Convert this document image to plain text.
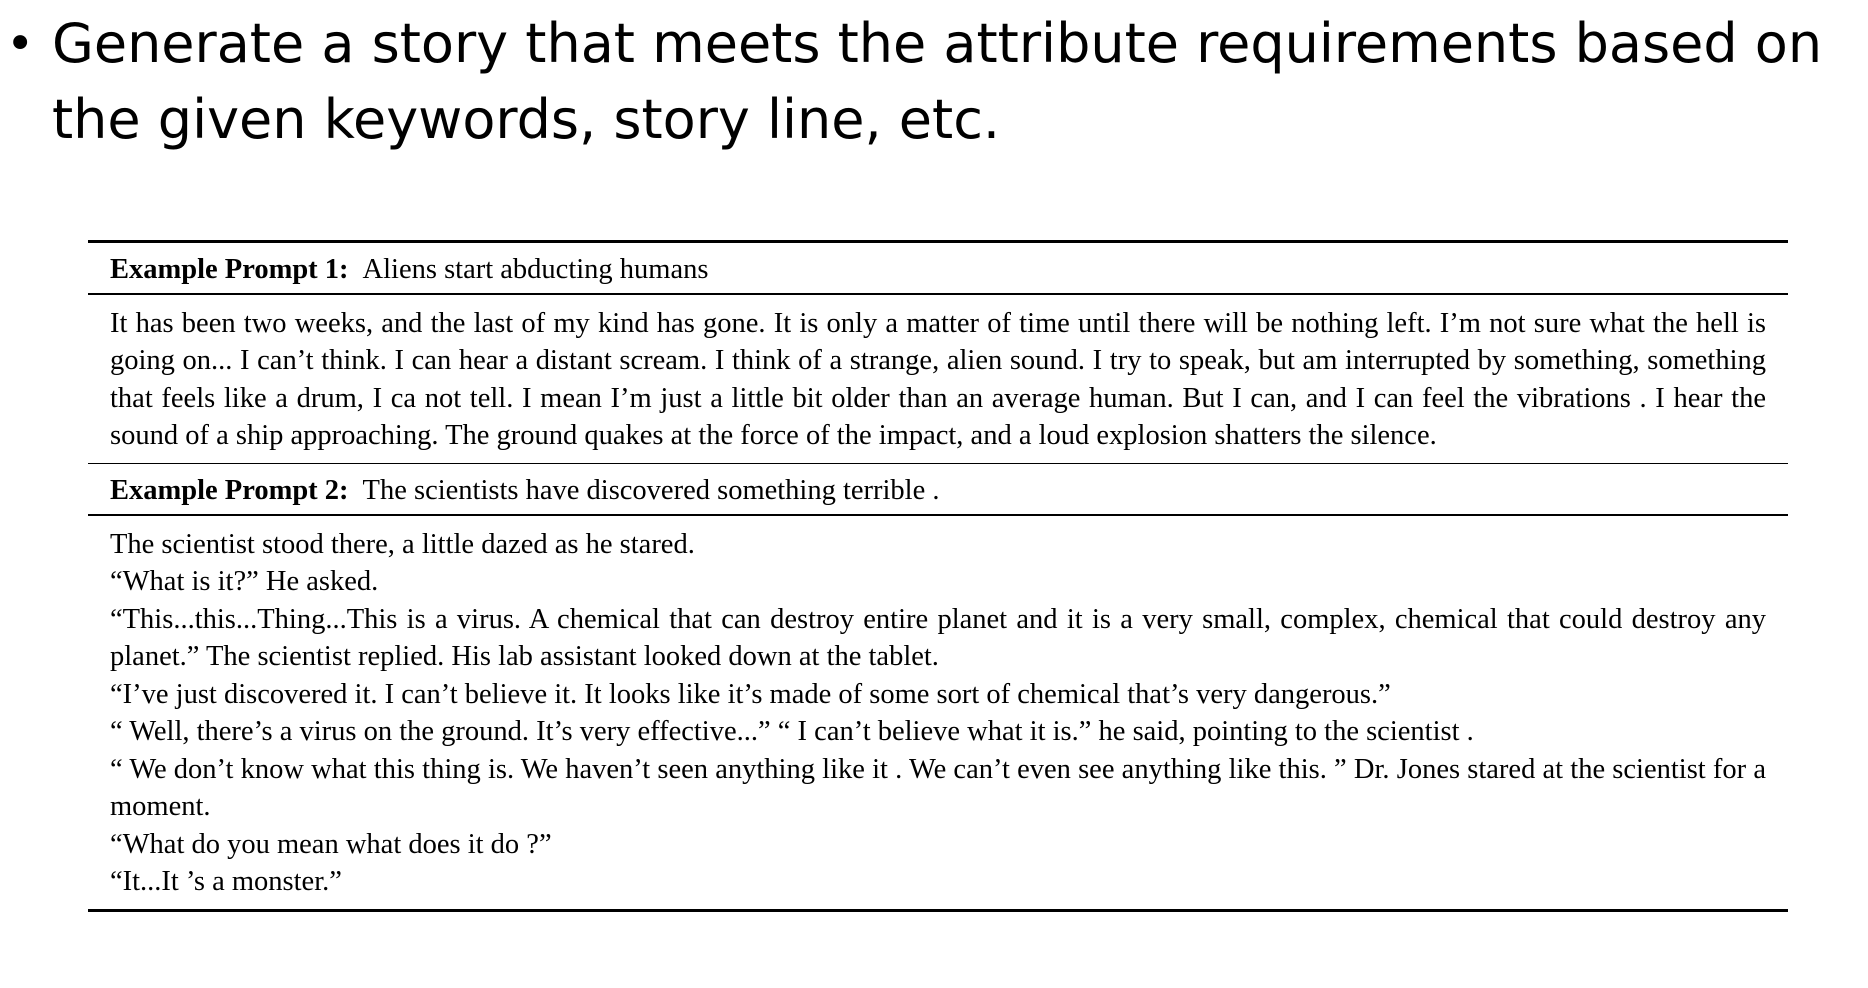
• Generate a story that meets the attribute requirements based on the given keywords, story line, etc.
Example Prompt 1: Aliens start abducting humans

It has been two weeks, and the last of my kind has gone. It is only a matter of time until there will be nothing left. I’m not sure what the hell is going on... I can’t think. I can hear a distant scream. I think of a strange, alien sound. I try to speak, but am interrupted by something, something that feels like a drum, I ca not tell. I mean I’m just a little bit older than an average human. But I can, and I can feel the vibrations . I hear the sound of a ship approaching. The ground quakes at the force of the impact, and a loud explosion shatters the silence.

Example Prompt 2: The scientists have discovered something terrible .

The scientist stood there, a little dazed as he stared.

“What is it?” He asked.

“This...this...Thing...This is a virus. A chemical that can destroy entire planet and it is a very small, complex, chemical that could destroy any planet.” The scientist replied. His lab assistant looked down at the tablet.

“I’ve just discovered it. I can’t believe it. It looks like it’s made of some sort of chemical that’s very dangerous.”

“ Well, there’s a virus on the ground. It’s very effective...” “ I can’t believe what it is.” he said, pointing to the scientist .

“ We don’t know what this thing is. We haven’t seen anything like it . We can’t even see anything like this. ” Dr. Jones stared at the scientist for a moment.

“What do you mean what does it do ?”

“It...It ’s a monster.”
